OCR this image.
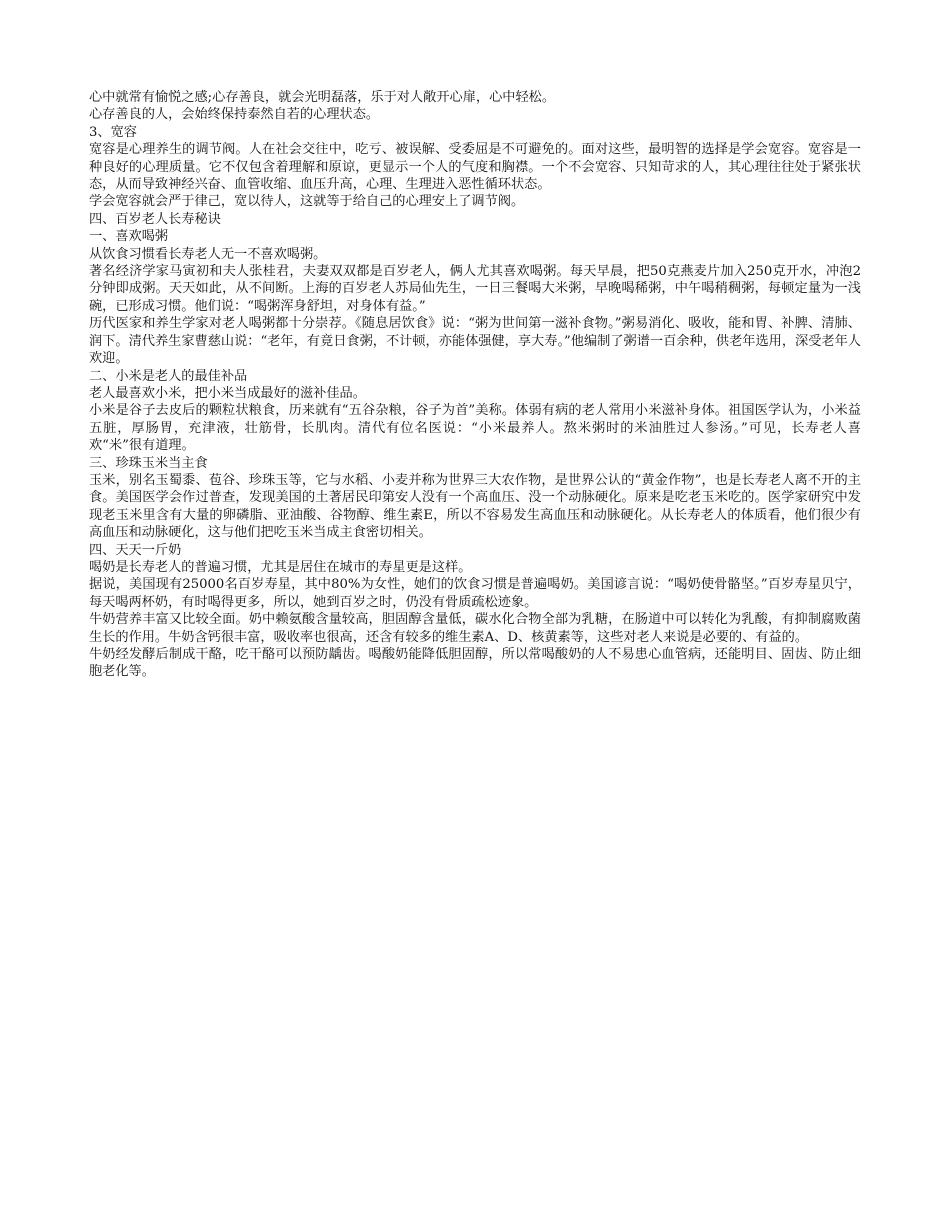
心中就常有愉悦之感;心存善良，就会光明磊落，乐于对人敞开心扉，心中轻松。

心存善良的人，会始终保持泰然自若的心理状态。

3、宽容

宽容是心理养生的调节阀。人在社会交往中，吃亏、被误解、受委屈是不可避免的。面对这些，最明智的选择是学会宽容。宽容是一种良好的心理质量。它不仅包含着理解和原谅，更显示一个人的气度和胸襟。一个不会宽容、只知苛求的人，其心理往往处于紧张状态，从而导致神经兴奋、血管收缩、血压升高，心理、生理进入恶性循环状态。

学会宽容就会严于律己，宽以待人，这就等于给自己的心理安上了调节阀。

四、百岁老人长寿秘诀

一、喜欢喝粥

从饮食习惯看长寿老人无一不喜欢喝粥。

著名经济学家马寅初和夫人张桂君，夫妻双双都是百岁老人，俩人尤其喜欢喝粥。每天早晨，把50克燕麦片加入250克开水，冲泡2分钟即成粥。天天如此，从不间断。上海的百岁老人苏局仙先生，一日三餐喝大米粥，早晚喝稀粥，中午喝稍稠粥，每顿定量为一浅碗，已形成习惯。他们说：“喝粥浑身舒坦，对身体有益。”

历代医家和养生学家对老人喝粥都十分崇荐。《随息居饮食》说：“粥为世间第一滋补食物。”粥易消化、吸收，能和胃、补脾、清肺、润下。清代养生家曹慈山说：“老年，有竟日食粥，不计顿，亦能体强健，享大寿。”他编制了粥谱一百余种，供老年选用，深受老年人欢迎。

二、小米是老人的最佳补品

老人最喜欢小米，把小米当成最好的滋补佳品。

小米是谷子去皮后的颗粒状粮食，历来就有“五谷杂粮，谷子为首”美称。体弱有病的老人常用小米滋补身体。祖国医学认为，小米益五脏，厚肠胃，充津液，壮筋骨，长肌肉。清代有位名医说：“小米最养人。熬米粥时的米油胜过人参汤。”可见，长寿老人喜欢“米”很有道理。

三、珍珠玉米当主食

玉米，别名玉蜀黍、苞谷、珍珠玉等，它与水稻、小麦并称为世界三大农作物，是世界公认的“黄金作物”，也是长寿老人离不开的主食。美国医学会作过普查，发现美国的土著居民印第安人没有一个高血压、没一个动脉硬化。原来是吃老玉米吃的。医学家研究中发现老玉米里含有大量的卵磷脂、亚油酸、谷物醇、维生素E，所以不容易发生高血压和动脉硬化。从长寿老人的体质看，他们很少有高血压和动脉硬化，这与他们把吃玉米当成主食密切相关。

四、天天一斤奶

喝奶是长寿老人的普遍习惯，尤其是居住在城市的寿星更是这样。

据说，美国现有25000名百岁寿星，其中80%为女性，她们的饮食习惯是普遍喝奶。美国谚言说：“喝奶使骨骼坚。”百岁寿星贝宁，每天喝两杯奶，有时喝得更多，所以，她到百岁之时，仍没有骨质疏松迹象。

牛奶营养丰富又比较全面。奶中赖氨酸含量较高，胆固醇含量低，碳水化合物全部为乳糖，在肠道中可以转化为乳酸，有抑制腐败菌生长的作用。牛奶含钙很丰富，吸收率也很高，还含有较多的维生素A、D、核黄素等，这些对老人来说是必要的、有益的。

牛奶经发酵后制成干酪，吃干酪可以预防龋齿。喝酸奶能降低胆固醇，所以常喝酸奶的人不易患心血管病，还能明目、固齿、防止细胞老化等。
